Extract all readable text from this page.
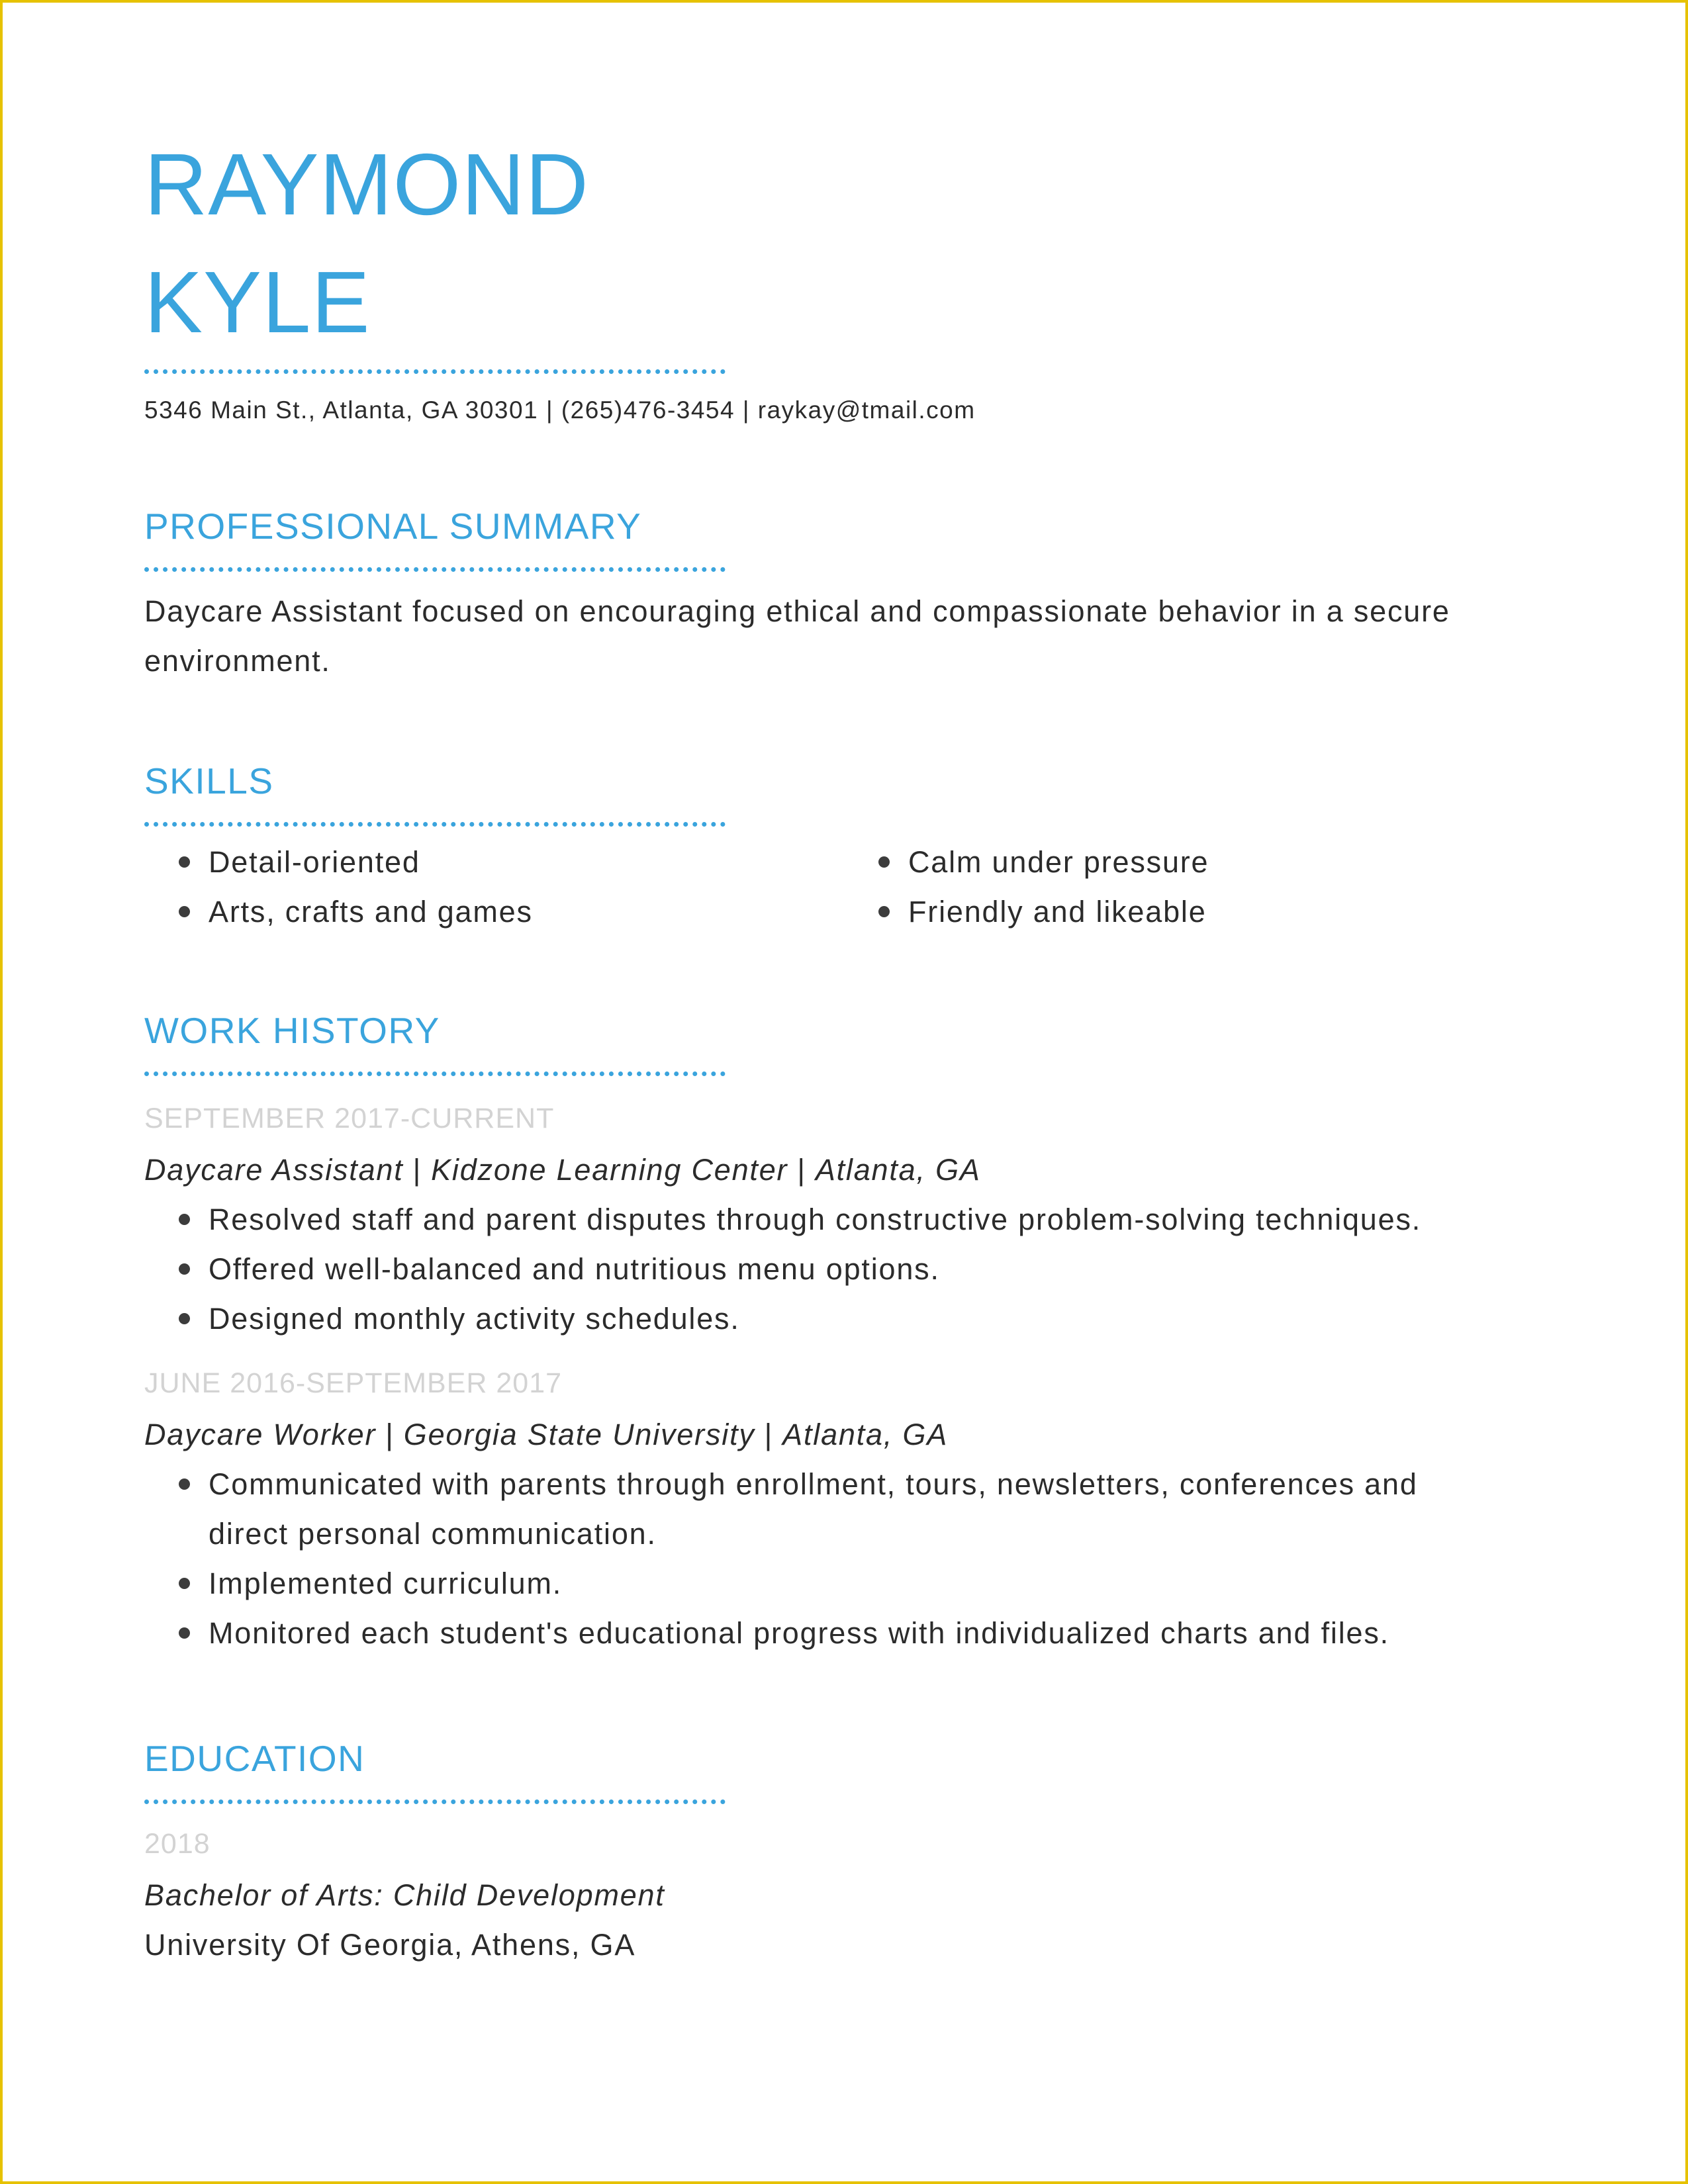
RAYMOND
KYLE
5346 Main St., Atlanta, GA 30301 | (265)476-3454 | raykay@tmail.com
PROFESSIONAL SUMMARY
Daycare Assistant focused on encouraging ethical and compassionate behavior in a secure environment.
SKILLS
Detail-oriented
Arts, crafts and games
Calm under pressure
Friendly and likeable
WORK HISTORY
SEPTEMBER 2017-CURRENT
Daycare Assistant | Kidzone Learning Center | Atlanta, GA
Resolved staff and parent disputes through constructive problem-solving techniques.
Offered well-balanced and nutritious menu options.
Designed monthly activity schedules.
JUNE 2016-SEPTEMBER 2017
Daycare Worker | Georgia State University | Atlanta, GA
Communicated with parents through enrollment, tours, newsletters, conferences and direct personal communication.
Implemented curriculum.
Monitored each student's educational progress with individualized charts and files.
EDUCATION
2018
Bachelor of Arts: Child Development
University Of Georgia, Athens, GA
